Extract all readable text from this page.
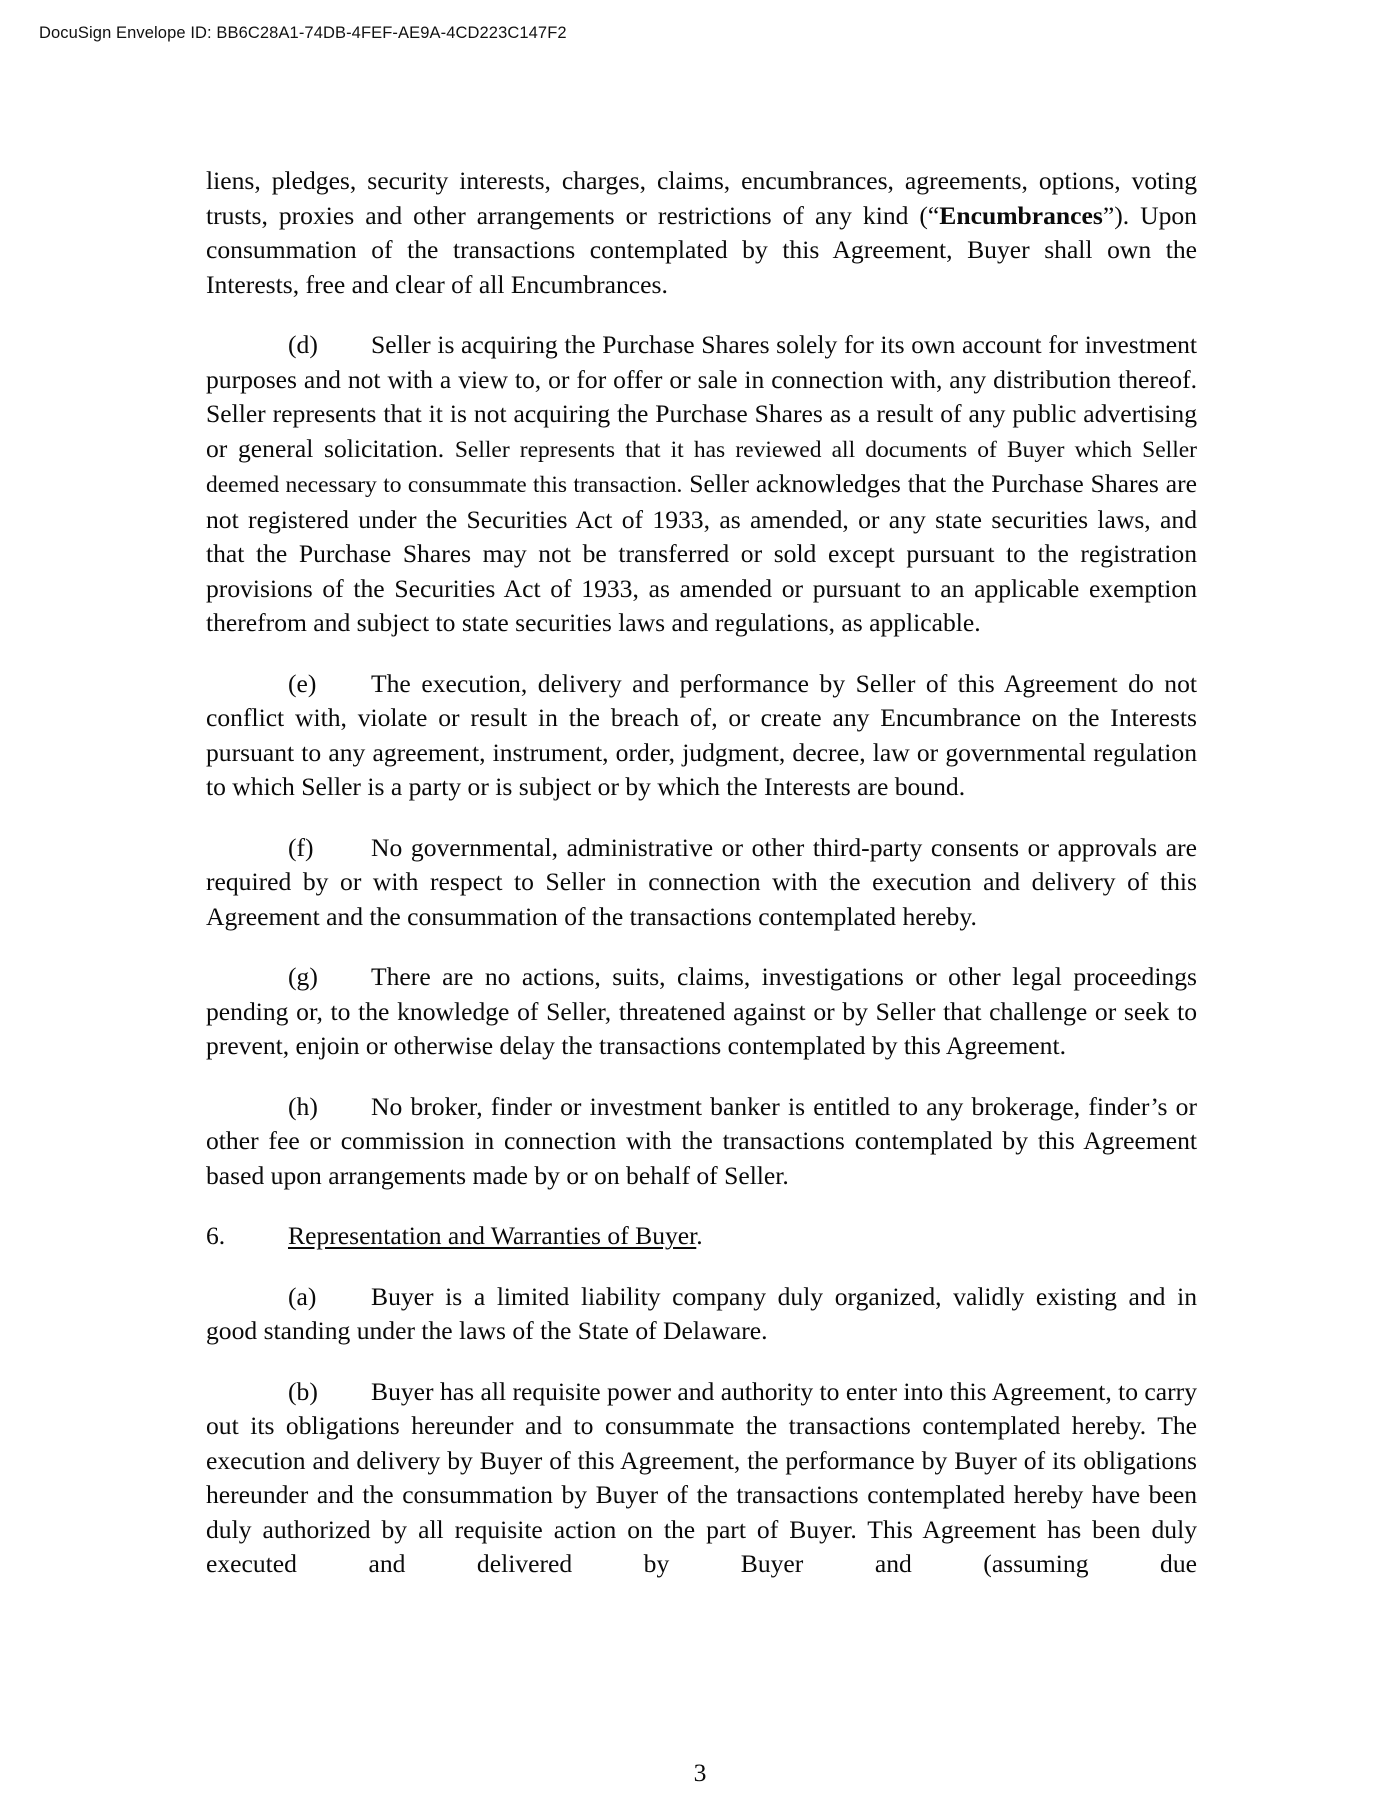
DocuSign Envelope ID: BB6C28A1-74DB-4FEF-AE9A-4CD223C147F2

liens, pledges, security interests, charges, claims, encumbrances, agreements, options, voting trusts, proxies and other arrangements or restrictions of any kind (“Encumbrances”). Upon consummation of the transactions contemplated by this Agreement, Buyer shall own the Interests, free and clear of all Encumbrances.

(d) Seller is acquiring the Purchase Shares solely for its own account for investment purposes and not with a view to, or for offer or sale in connection with, any distribution thereof. Seller represents that it is not acquiring the Purchase Shares as a result of any public advertising or general solicitation. Seller represents that it has reviewed all documents of Buyer which Seller deemed necessary to consummate this transaction. Seller acknowledges that the Purchase Shares are not registered under the Securities Act of 1933, as amended, or any state securities laws, and that the Purchase Shares may not be transferred or sold except pursuant to the registration provisions of the Securities Act of 1933, as amended or pursuant to an applicable exemption therefrom and subject to state securities laws and regulations, as applicable.

(e) The execution, delivery and performance by Seller of this Agreement do not conflict with, violate or result in the breach of, or create any Encumbrance on the Interests pursuant to any agreement, instrument, order, judgment, decree, law or governmental regulation to which Seller is a party or is subject or by which the Interests are bound.

(f) No governmental, administrative or other third-party consents or approvals are required by or with respect to Seller in connection with the execution and delivery of this Agreement and the consummation of the transactions contemplated hereby.

(g) There are no actions, suits, claims, investigations or other legal proceedings pending or, to the knowledge of Seller, threatened against or by Seller that challenge or seek to prevent, enjoin or otherwise delay the transactions contemplated by this Agreement.

(h) No broker, finder or investment banker is entitled to any brokerage, finder’s or other fee or commission in connection with the transactions contemplated by this Agreement based upon arrangements made by or on behalf of Seller.

6. Representation and Warranties of Buyer.

(a) Buyer is a limited liability company duly organized, validly existing and in good standing under the laws of the State of Delaware.

(b) Buyer has all requisite power and authority to enter into this Agreement, to carry out its obligations hereunder and to consummate the transactions contemplated hereby. The execution and delivery by Buyer of this Agreement, the performance by Buyer of its obligations hereunder and the consummation by Buyer of the transactions contemplated hereby have been duly authorized by all requisite action on the part of Buyer. This Agreement has been duly executed and delivered by Buyer and (assuming due

3
